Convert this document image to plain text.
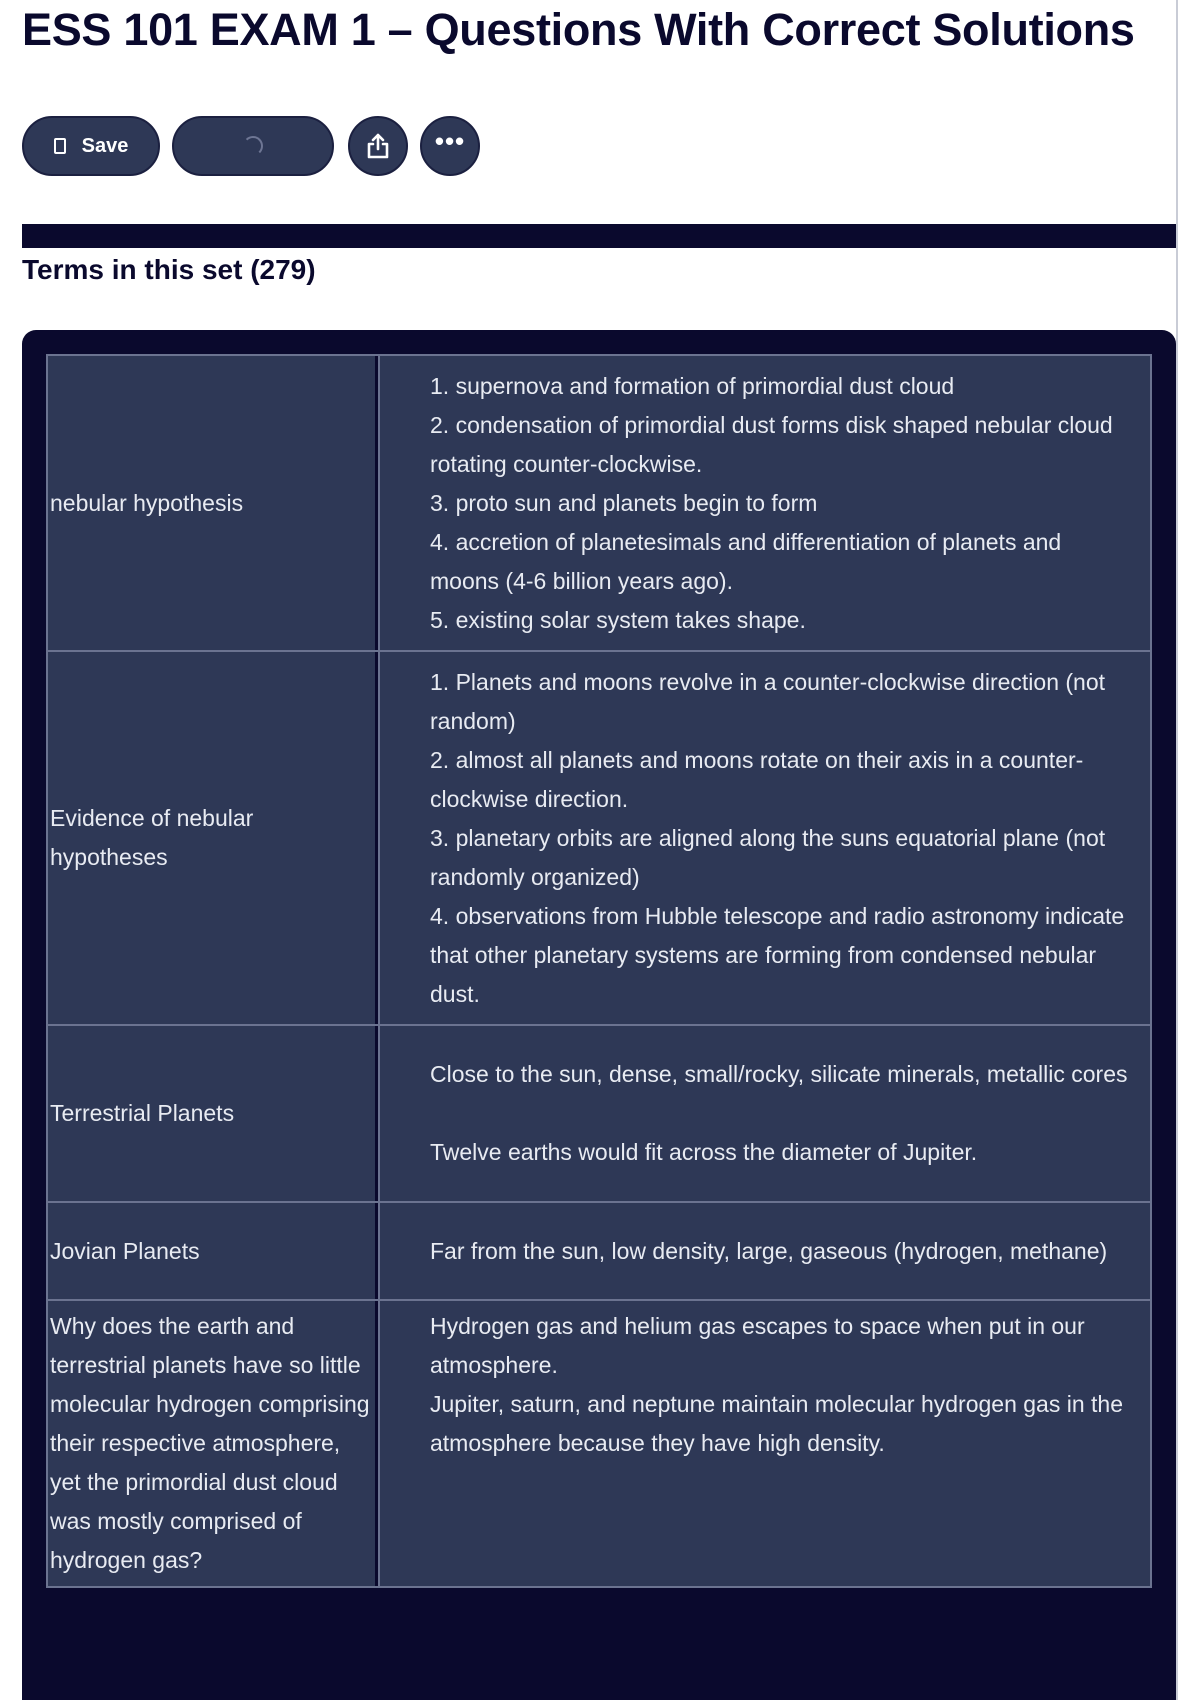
ESS 101 EXAM 1 – Questions With Correct Solutions
Save	•••
Terms in this set (279)
nebular hypothesis	1. supernova and formation of primordial dust cloud
2. condensation of primordial dust forms disk shaped nebular cloud rotating counter-clockwise.
3. proto sun and planets begin to form
4. accretion of planetesimals and differentiation of planets and moons (4-6 billion years ago).
5. existing solar system takes shape.

Evidence of nebular hypotheses	1. Planets and moons revolve in a counter-clockwise direction (not random)
2. almost all planets and moons rotate on their axis in a counter-clockwise direction.
3. planetary orbits are aligned along the suns equatorial plane (not randomly organized)
4. observations from Hubble telescope and radio astronomy indicate that other planetary systems are forming from condensed nebular dust.

Terrestrial Planets	Close to the sun, dense, small/rocky, silicate minerals, metallic cores
Twelve earths would fit across the diameter of Jupiter.

Jovian Planets	Far from the sun, low density, large, gaseous (hydrogen, methane)

Why does the earth and terrestrial planets have so little molecular hydrogen comprising their respective atmosphere, yet the primordial dust cloud was mostly comprised of hydrogen gas?	Hydrogen gas and helium gas escapes to space when put in our atmosphere.
Jupiter, saturn, and neptune maintain molecular hydrogen gas in the atmosphere because they have high density.
